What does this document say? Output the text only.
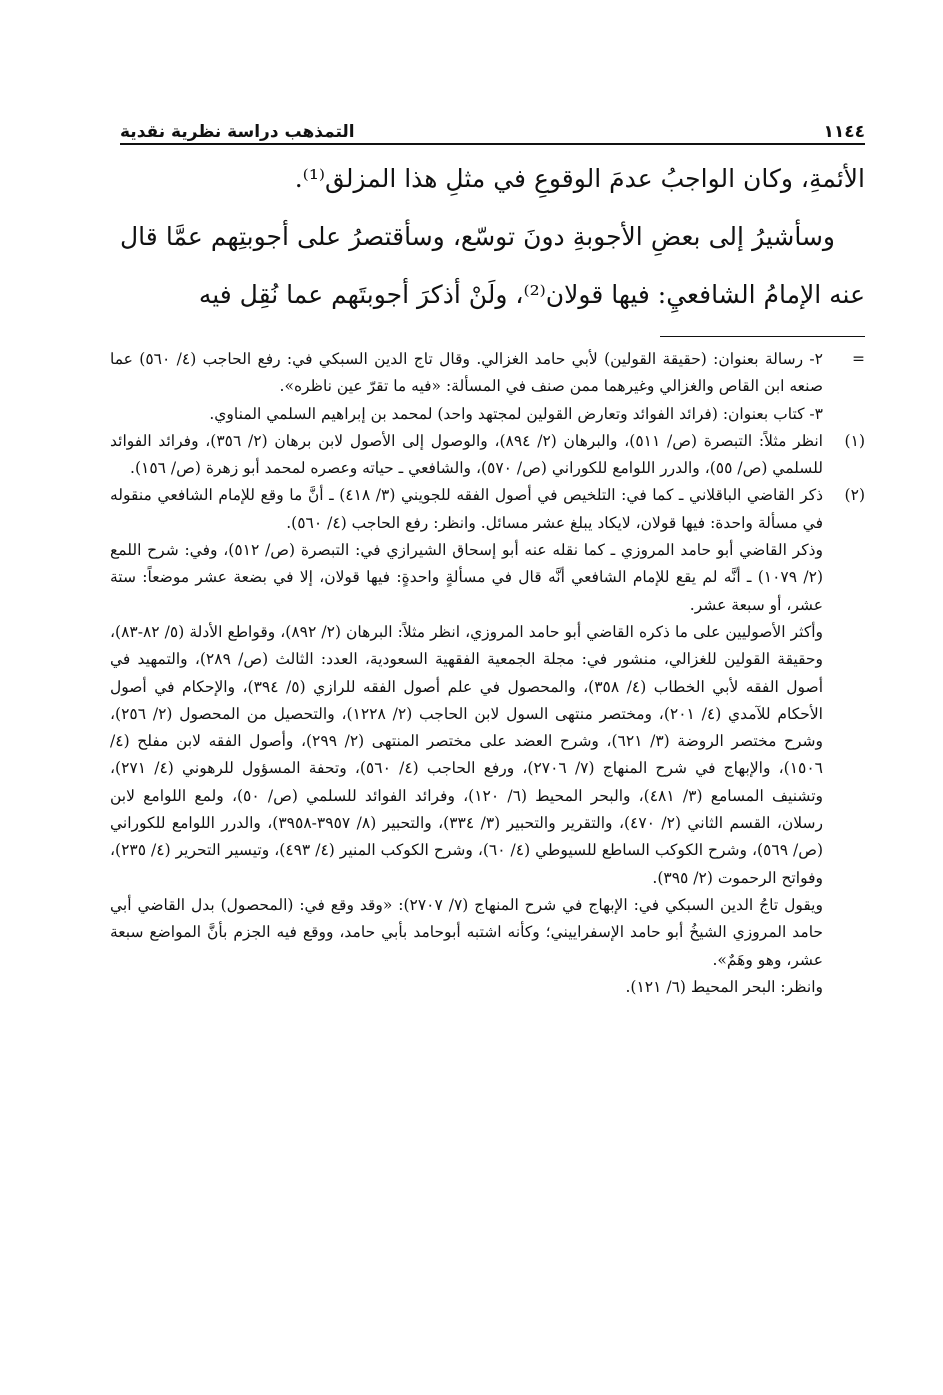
١١٤٤
التمذهب دراسة نظرية نقدية

الأئمةِ، وكان الواجبُ عدمَ الوقوعِ في مثلِ هذا المزلق⁽¹⁾.

وسأشيرُ إلى بعضِ الأجوبةِ دونَ توسّع، وسأقتصرُ على أجوبتِهم عمَّا قال عنه الإمامُ الشافعيِ: فيها قولان⁽²⁾، ولَنْ أذكرَ أجوبتَهم عما نُقِل فيه

=

٢- رسالة بعنوان: (حقيقة القولين) لأبي حامد الغزالي. وقال تاج الدين السبكي في: رفع الحاجب (٤/ ٥٦٠) عما صنعه ابن القاص والغزالي وغيرهما ممن صنف في المسألة: «فيه ما تقرّ عين ناظره».

٣- كتاب بعنوان: (فرائد الفوائد وتعارض القولين لمجتهد واحد) لمحمد بن إبراهيم السلمي المناوي.

(١)

انظر مثلاً: التبصرة (ص/ ٥١١)، والبرهان (٢/ ٨٩٤)، والوصول إلى الأصول لابن برهان (٢/ ٣٥٦)، وفرائد الفوائد للسلمي (ص/ ٥٥)، والدرر اللوامع للكوراني (ص/ ٥٧٠)، والشافعي ـ حياته وعصره لمحمد أبو زهرة (ص/ ١٥٦).

(٢)

ذكر القاضي الباقلاني ـ كما في: التلخيص في أصول الفقه للجويني (٣/ ٤١٨) ـ أنَّ ما وقع للإمام الشافعي منقوله في مسألة واحدة: فيها قولان، لايكاد يبلغ عشر مسائل. وانظر: رفع الحاجب (٤/ ٥٦٠).

وذكر القاضي أبو حامد المروزي ـ كما نقله عنه أبو إسحاق الشيرازي في: التبصرة (ص/ ٥١٢)، وفي: شرح اللمع (٢/ ١٠٧٩) ـ أنَّه لم يقع للإمام الشافعي أنَّه قال في مسألةٍ واحدةٍ: فيها قولان، إلا في بضعة عشر موضعاً: ستة عشر، أو سبعة عشر.

وأكثر الأصوليين على ما ذكره القاضي أبو حامد المروزي، انظر مثلاً: البرهان (٢/ ٨٩٢)، وقواطع الأدلة (٥/ ٨٢-٨٣)، وحقيقة القولين للغزالي، منشور في: مجلة الجمعية الفقهية السعودية، العدد: الثالث (ص/ ٢٨٩)، والتمهيد في أصول الفقه لأبي الخطاب (٤/ ٣٥٨)، والمحصول في علم أصول الفقه للرازي (٥/ ٣٩٤)، والإحكام في أصول الأحكام للآمدي (٤/ ٢٠١)، ومختصر منتهى السول لابن الحاجب (٢/ ١٢٢٨)، والتحصيل من المحصول (٢/ ٢٥٦)، وشرح مختصر الروضة (٣/ ٦٢١)، وشرح العضد على مختصر المنتهى (٢/ ٢٩٩)، وأصول الفقه لابن مفلح (٤/ ١٥٠٦)، والإبهاج في شرح المنهاج (٧/ ٢٧٠٦)، ورفع الحاجب (٤/ ٥٦٠)، وتحفة المسؤول للرهوني (٤/ ٢٧١)، وتشنيف المسامع (٣/ ٤٨١)، والبحر المحيط (٦/ ١٢٠)، وفرائد الفوائد للسلمي (ص/ ٥٠)، ولمع اللوامع لابن رسلان، القسم الثاني (٢/ ٤٧٠)، والتقرير والتحبير (٣/ ٣٣٤)، والتحبير (٨/ ٣٩٥٧-٣٩٥٨)، والدرر اللوامع للكوراني (ص/ ٥٦٩)، وشرح الكوكب الساطع للسيوطي (٤/ ٦٠)، وشرح الكوكب المنير (٤/ ٤٩٣)، وتيسير التحرير (٤/ ٢٣٥)، وفواتح الرحموت (٢/ ٣٩٥).

ويقول تاجُ الدين السبكي في: الإبهاج في شرح المنهاج (٧/ ٢٧٠٧): «وقد وقع في: (المحصول) بدل القاضي أبي حامد المروزي الشيخُ أبو حامد الإسفراييني؛ وكأنه اشتبه أبوحامد بأبي حامد، ووقع فيه الجزم بأنَّ المواضع سبعة عشر، وهو وهَمٌ».

وانظر: البحر المحيط (٦/ ١٢١).
